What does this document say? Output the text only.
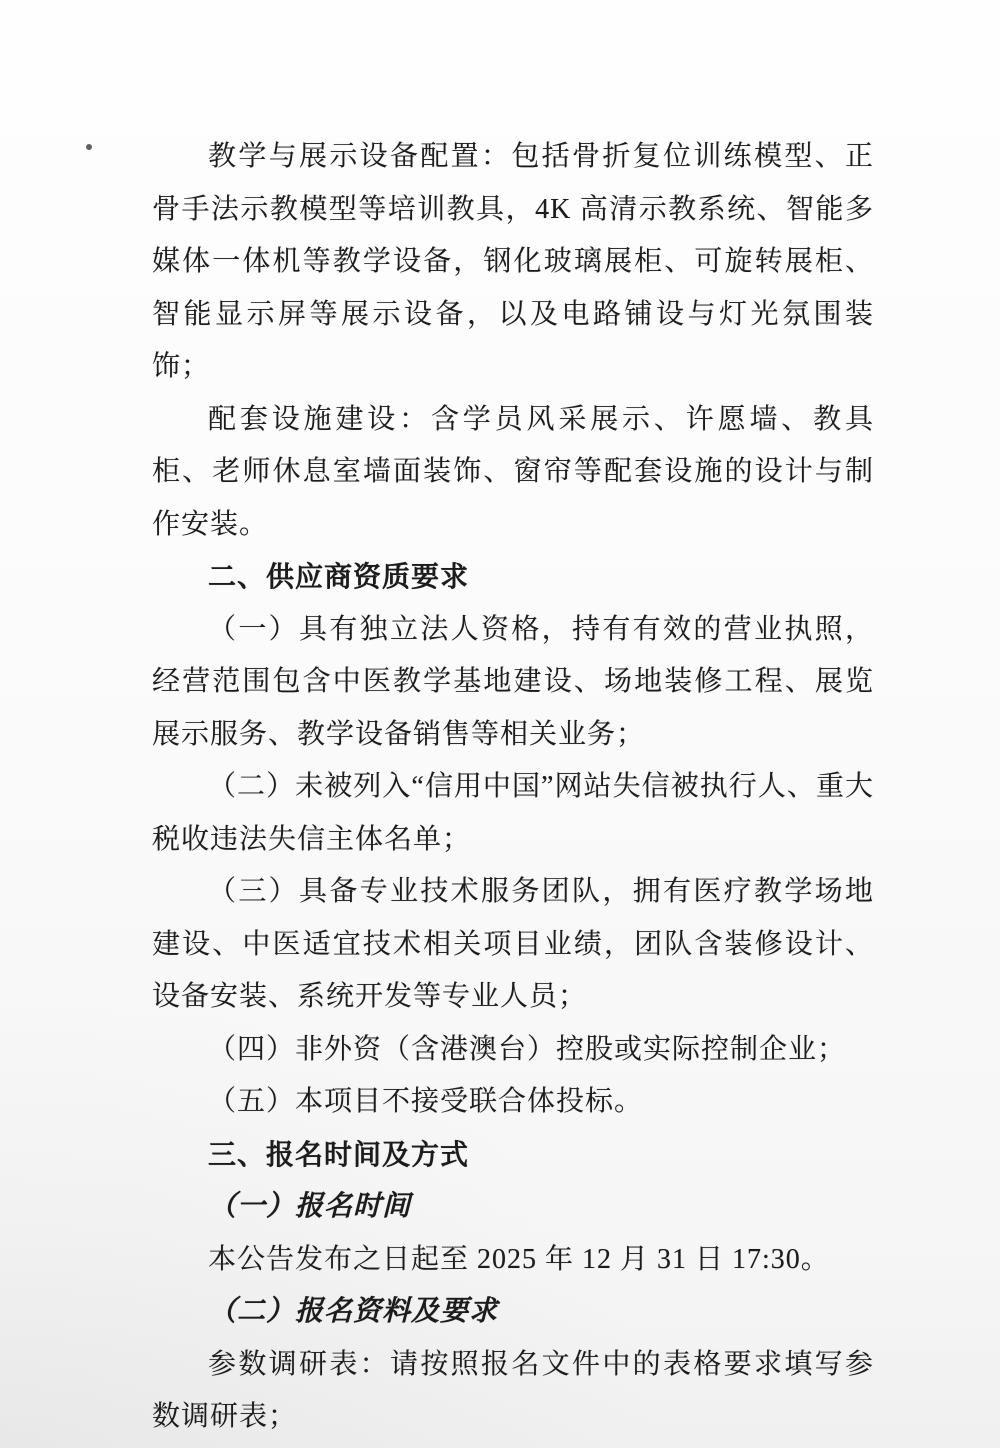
教学与展示设备配置：包括骨折复位训练模型、正骨手法示教模型等培训教具，4K 高清示教系统、智能多媒体一体机等教学设备，钢化玻璃展柜、可旋转展柜、智能显示屏等展示设备，以及电路铺设与灯光氛围装饰；

配套设施建设：含学员风采展示、许愿墙、教具柜、老师休息室墙面装饰、窗帘等配套设施的设计与制作安装。

二、供应商资质要求

（一）具有独立法人资格，持有有效的营业执照，经营范围包含中医教学基地建设、场地装修工程、展览展示服务、教学设备销售等相关业务；

（二）未被列入“信用中国”网站失信被执行人、重大税收违法失信主体名单；

（三）具备专业技术服务团队，拥有医疗教学场地建设、中医适宜技术相关项目业绩，团队含装修设计、设备安装、系统开发等专业人员；

（四）非外资（含港澳台）控股或实际控制企业；

（五）本项目不接受联合体投标。

三、报名时间及方式

（一）报名时间

本公告发布之日起至 2025 年 12 月 31 日 17:30。

（二）报名资料及要求

参数调研表：请按照报名文件中的表格要求填写参数调研表；
